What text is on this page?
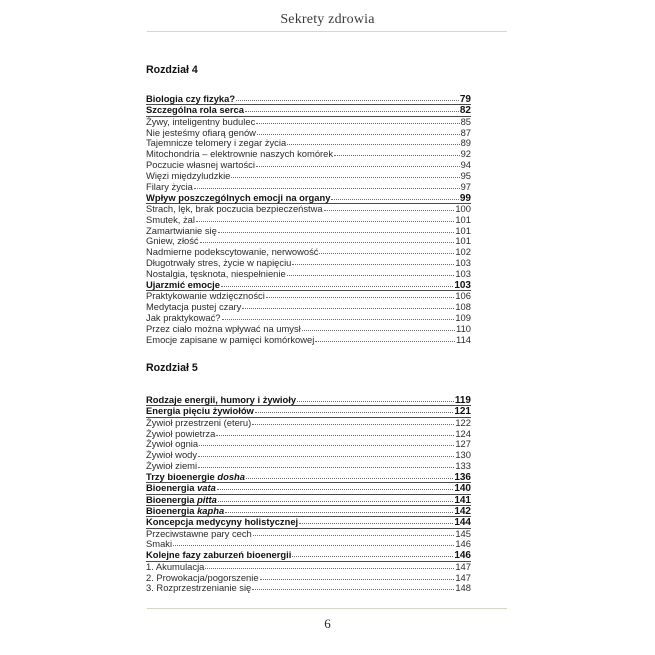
Sekrety zdrowia
Rozdział 4
Biologia czy fizyka?	79
Szczególna rola serca	82
Żywy, inteligentny budulec	85
Nie jesteśmy ofiarą genów	87
Tajemnicze telomery i zegar życia	89
Mitochondria – elektrownie naszych komórek	92
Poczucie własnej wartości	94
Więzi międzyludzkie	95
Filary życia	97
Wpływ poszczególnych emocji na organy	99
Strach, lęk, brak poczucia bezpieczeństwa	100
Smutek, żal	101
Zamartwianie się	101
Gniew, złość	101
Nadmierne podekscytowanie, nerwowość	102
Długotrwały stres, życie w napięciu	103
Nostalgia, tęsknota, niespełnienie	103
Ujarzmić emocje	103
Praktykowanie wdzięczności	106
Medytacja pustej czary	108
Jak praktykować?	109
Przez ciało można wpływać na umysł	110
Emocje zapisane w pamięci komórkowej	114
Rozdział 5
Rodzaje energii, humory i żywioły	119
Energia pięciu żywiołów	121
Żywioł przestrzeni (eteru)	122
Żywioł powietrza	124
Żywioł ognia	127
Żywioł wody	130
Żywioł ziemi	133
Trzy bioenergie dosha	136
Bioenergia vata	140
Bioenergia pitta	141
Bioenergia kapha	142
Koncepcja medycyny holistycznej	144
Przeciwstawne pary cech	145
Smaki	146
Kolejne fazy zaburzeń bioenergii	146
1. Akumulacja	147
2. Prowokacja/pogorszenie	147
3. Rozprzestrzenianie się	148
6
